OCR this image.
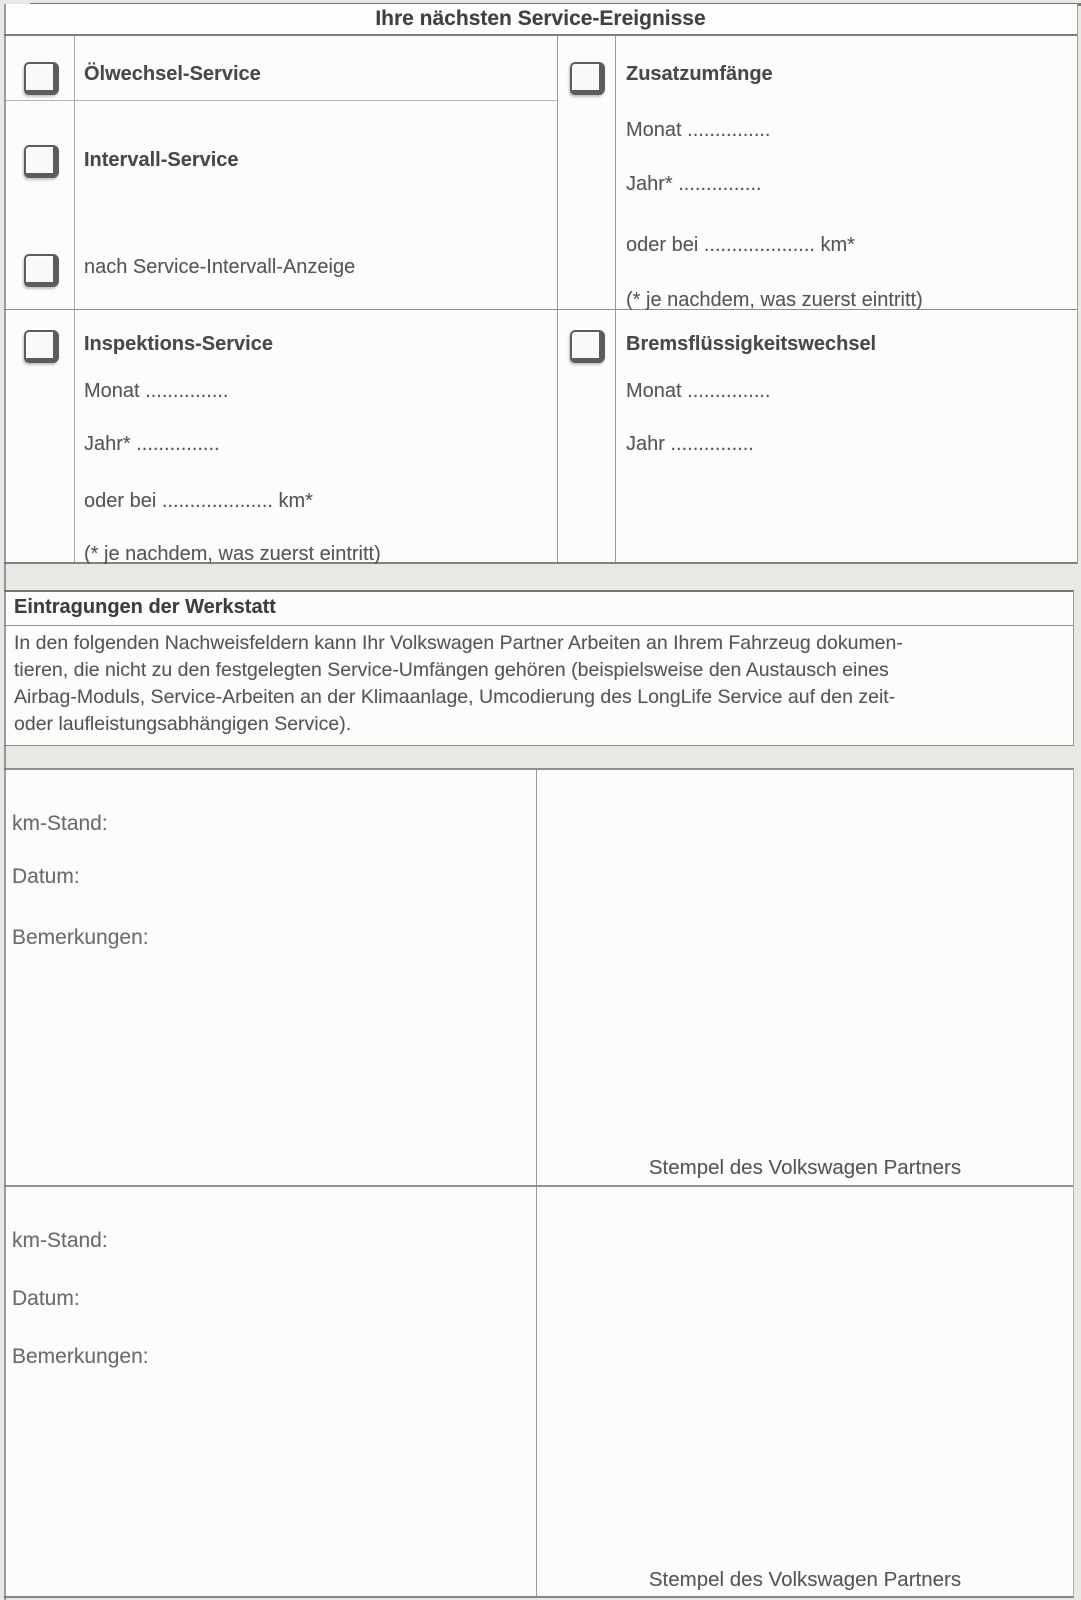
Ihre nächsten Service-Ereignisse
Ölwechsel-Service
Intervall-Service
nach Service-Intervall-Anzeige
Inspektions-Service
Monat ...............
Jahr* ...............
oder bei .................... km*
(* je nachdem, was zuerst eintritt)
Zusatzumfänge
Monat ...............
Jahr* ...............
oder bei .................... km*
(* je nachdem, was zuerst eintritt)
Bremsflüssigkeitswechsel
Monat ...............
Jahr ...............
Eintragungen der Werkstatt
In den folgenden Nachweisfeldern kann Ihr Volkswagen Partner Arbeiten an Ihrem Fahrzeug dokumen-
tieren, die nicht zu den festgelegten Service-Umfängen gehören (beispielsweise den Austausch eines
Airbag-Moduls, Service-Arbeiten an der Klimaanlage, Umcodierung des LongLife Service auf den zeit-
oder laufleistungsabhängigen Service).
km-Stand:
Datum:
Bemerkungen:
Stempel des Volkswagen Partners
km-Stand:
Datum:
Bemerkungen:
Stempel des Volkswagen Partners
